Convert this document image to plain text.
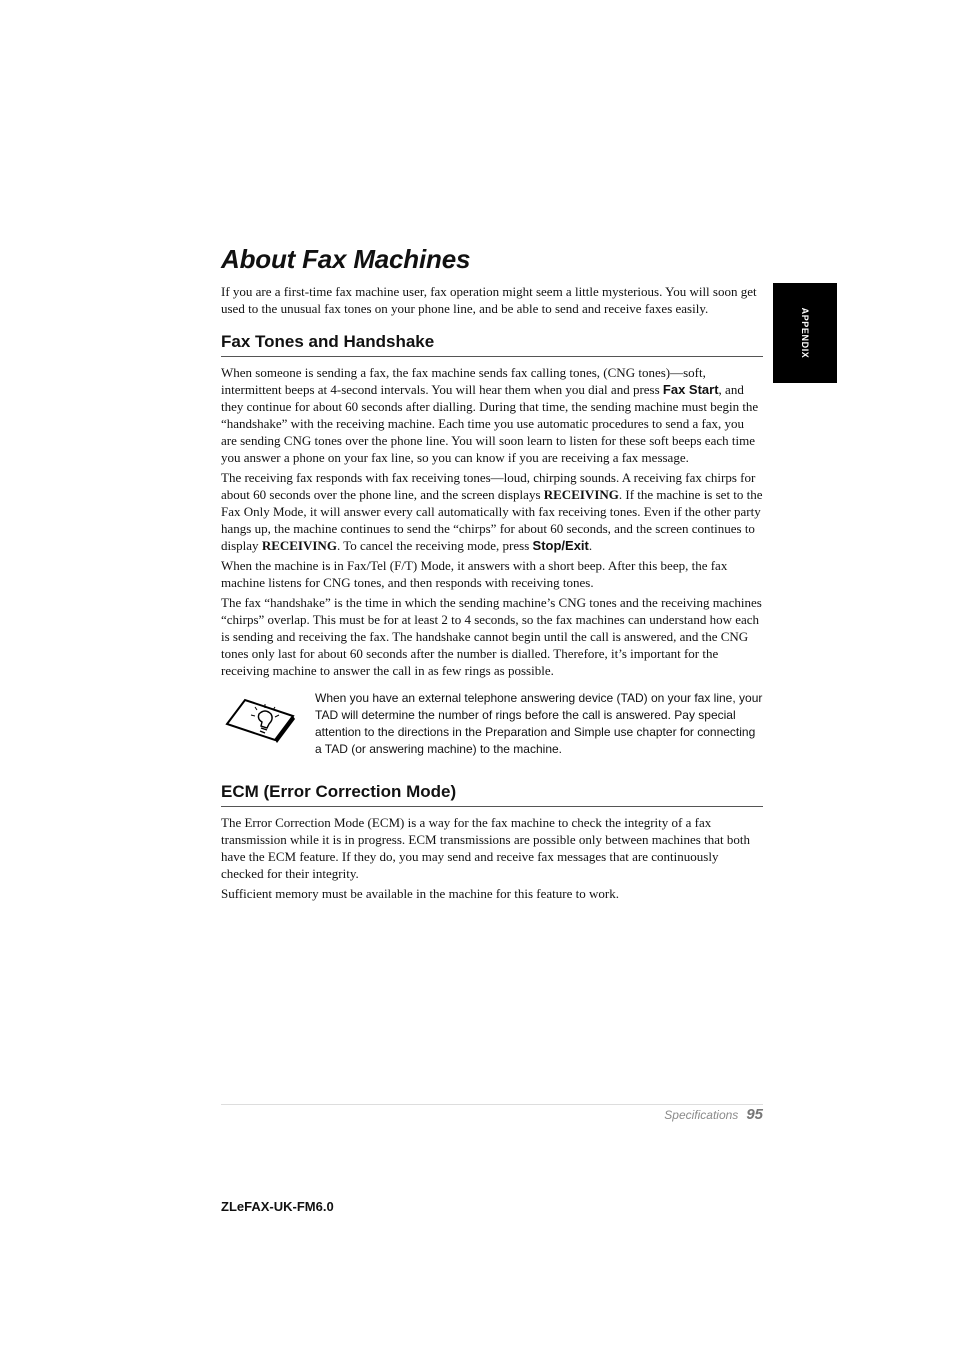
About Fax Machines
APPENDIX

If you are a first-time fax machine user, fax operation might seem a little mysterious. You will soon get used to the unusual fax tones on your phone line, and be able to send and receive faxes easily.

Fax Tones and Handshake

When someone is sending a fax, the fax machine sends fax calling tones, (CNG tones)—soft, intermittent beeps at 4-second intervals. You will hear them when you dial and press Fax Start, and they continue for about 60 seconds after dialling. During that time, the sending machine must begin the “handshake” with the receiving machine. Each time you use automatic procedures to send a fax, you are sending CNG tones over the phone line. You will soon learn to listen for these soft beeps each time you answer a phone on your fax line, so you can know if you are receiving a fax message.

The receiving fax responds with fax receiving tones—loud, chirping sounds. A receiving fax chirps for about 60 seconds over the phone line, and the screen displays RECEIVING. If the machine is set to the Fax Only Mode, it will answer every call automatically with fax receiving tones. Even if the other party hangs up, the machine continues to send the “chirps” for about 60 seconds, and the screen continues to display RECEIVING. To cancel the receiving mode, press Stop/Exit.

When the machine is in Fax/Tel (F/T) Mode, it answers with a short beep. After this beep, the fax machine listens for CNG tones, and then responds with receiving tones.

The fax “handshake” is the time in which the sending machine’s CNG tones and the receiving machines “chirps” overlap. This must be for at least 2 to 4 seconds, so the fax machines can understand how each is sending and receiving the fax. The handshake cannot begin until the call is answered, and the CNG tones only last for about 60 seconds after the number is dialled. Therefore, it’s important for the receiving machine to answer the call in as few rings as possible.

When you have an external telephone answering device (TAD) on your fax line, your TAD will determine the number of rings before the call is answered. Pay special attention to the directions in the Preparation and Simple use chapter for connecting a TAD (or answering machine) to the machine.
ECM (Error Correction Mode)

The Error Correction Mode (ECM) is a way for the fax machine to check the integrity of a fax transmission while it is in progress. ECM transmissions are possible only between machines that both have the ECM feature. If they do, you may send and receive fax messages that are continuously checked for their integrity.

Sufficient memory must be available in the machine for this feature to work.

Specifications 95
ZLeFAX-UK-FM6.0
